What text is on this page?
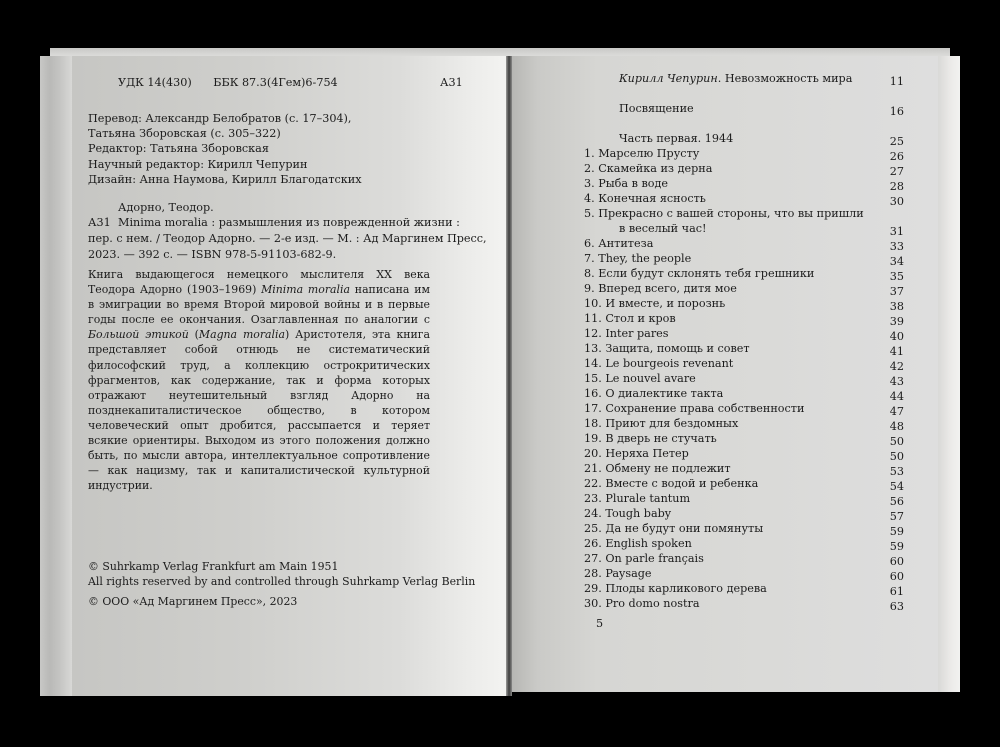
УДК 14(430) ББК 87.3(4Гем)6-754	А31
Перевод: Александр Белобратов (с. 17–304),
Татьяна Зборовская (с. 305–322)
Редактор: Татьяна Зборовская
Научный редактор: Кирилл Чепурин
Дизайн: Анна Наумова, Кирилл Благодатских
Адорно, Теодор.
А31 Minima moralia : размышления из поврежденной жизни :
пер. с нем. / Теодор Адорно. — 2-е изд. — М. : Ад Маргинем Пресс,
2023. — 392 с. — ISBN 978-5-91103-682-9.
Книга выдающегося немецкого мыслителя XX века Теодора Адорно (1903–1969) Minima moralia написана им в эмиграции во время Второй мировой войны и в первые годы после ее окончания. Озаглавленная по аналогии с Большой этикой (Magna moralia) Аристотеля, эта книга представляет собой отнюдь не систематический философский труд, а коллекцию острокритических фрагментов, как содержание, так и форма которых отражают неутешительный взгляд Адорно на позднекапиталистическое общество, в котором человеческий опыт дробится, рассыпается и теряет всякие ориентиры. Выходом из этого положения должно быть, по мысли автора, интеллектуальное сопротивление — как нацизму, так и капиталистической культурной индустрии.
© Suhrkamp Verlag Frankfurt am Main 1951
All rights reserved by and controlled through Suhrkamp Verlag Berlin
© ООО «Ад Маргинем Пресс», 2023
Кирилл Чепурин. Невозможность мира	11
Посвящение	16
Часть первая. 1944	25
1. Марселю Прусту	26
2. Скамейка из дерна	27
3. Рыба в воде	28
4. Конечная ясность	30
5. Прекрасно с вашей стороны, что вы пришли
в веселый час!	31
6. Антитеза	33
7. They, the people	34
8. Если будут склонять тебя грешники	35
9. Вперед всего, дитя мое	37
10. И вместе, и порознь	38
11. Стол и кров	39
12. Inter pares	40
13. Защита, помощь и совет	41
14. Le bourgeois revenant	42
15. Le nouvel avare	43
16. О диалектике такта	44
17. Сохранение права собственности	47
18. Приют для бездомных	48
19. В дверь не стучать	50
20. Неряха Петер	50
21. Обмену не подлежит	53
22. Вместе с водой и ребенка	54
23. Plurale tantum	56
24. Tough baby	57
25. Да не будут они помянуты	59
26. English spoken	59
27. On parle français	60
28. Paysage	60
29. Плоды карликового дерева	61
30. Pro domo nostra	63
5
